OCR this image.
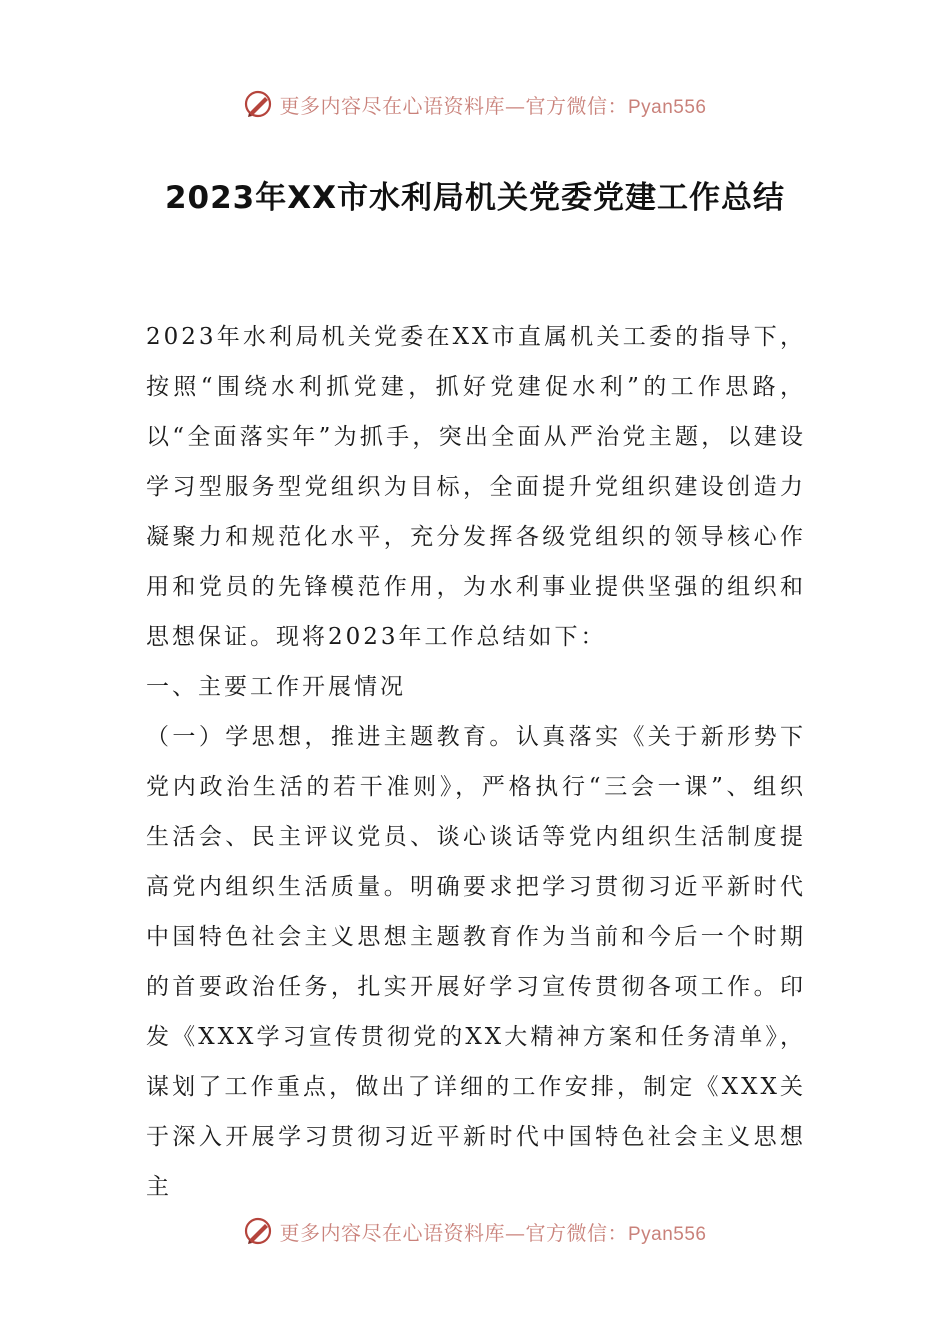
更多内容尽在心语资料库—官方微信：Pyan556
2023年XX市水利局机关党委党建工作总结

2023年水利局机关党委在XX市直属机关工委的指导下，按照“围绕水利抓党建，抓好党建促水利”的工作思路，以“全面落实年”为抓手，突出全面从严治党主题，以建设学习型服务型党组织为目标，全面提升党组织建设创造力凝聚力和规范化水平，充分发挥各级党组织的领导核心作用和党员的先锋模范作用，为水利事业提供坚强的组织和思想保证。现将2023年工作总结如下：

一、主要工作开展情况

（一）学思想，推进主题教育。认真落实《关于新形势下党内政治生活的若干准则》，严格执行“三会一课”、组织生活会、民主评议党员、谈心谈话等党内组织生活制度提高党内组织生活质量。明确要求把学习贯彻习近平新时代中国特色社会主义思想主题教育作为当前和今后一个时期的首要政治任务，扎实开展好学习宣传贯彻各项工作。印发《XXX学习宣传贯彻党的XX大精神方案和任务清单》，谋划了工作重点，做出了详细的工作安排，制定《XXX关于深入开展学习贯彻习近平新时代中国特色社会主义思想主

更多内容尽在心语资料库—官方微信：Pyan556
